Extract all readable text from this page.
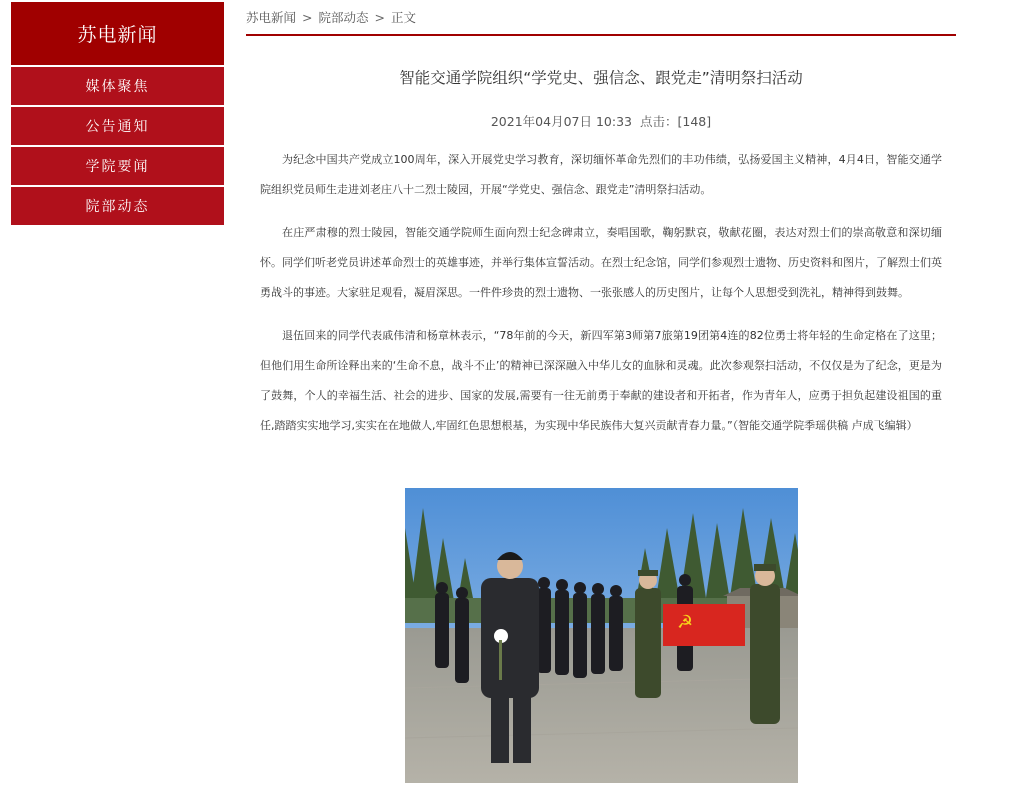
苏电新闻
媒体聚焦
公告通知
学院要闻
院部动态
苏电新闻 > 院部动态 > 正文
智能交通学院组织“学党史、强信念、跟党走”清明祭扫活动
2021年04月07日 10:33 点击：[148]

为纪念中国共产党成立100周年，深入开展党史学习教育，深切缅怀革命先烈们的丰功伟绩，弘扬爱国主义精神，4月4日，智能交通学院组织党员师生走进刘老庄八十二烈士陵园，开展“学党史、强信念、跟党走”清明祭扫活动。

在庄严肃穆的烈士陵园，智能交通学院师生面向烈士纪念碑肃立，奏唱国歌，鞠躬默哀，敬献花圈，表达对烈士们的崇高敬意和深切缅怀。同学们听老党员讲述革命烈士的英雄事迹，并举行集体宣誓活动。在烈士纪念馆，同学们参观烈士遗物、历史资料和图片，了解烈士们英勇战斗的事迹。大家驻足观看，凝眉深思。一件件珍贵的烈士遗物、一张张感人的历史图片，让每个人思想受到洗礼，精神得到鼓舞。

退伍回来的同学代表戚伟清和杨章林表示，“78年前的今天，新四军第3师第7旅第19团第4连的82位勇士将年轻的生命定格在了这里；但他们用生命所诠释出来的‘生命不息，战斗不止’的精神已深深融入中华儿女的血脉和灵魂。此次参观祭扫活动，不仅仅是为了纪念，更是为了鼓舞，个人的幸福生活、社会的进步、国家的发展,需要有一往无前勇于奉献的建设者和开拓者，作为青年人，应勇于担负起建设祖国的重任,踏踏实实地学习,实实在在地做人,牢固红色思想根基，为实现中华民族伟大复兴贡献青春力量。”（智能交通学院季瑶供稿 卢成飞编辑）

☭
